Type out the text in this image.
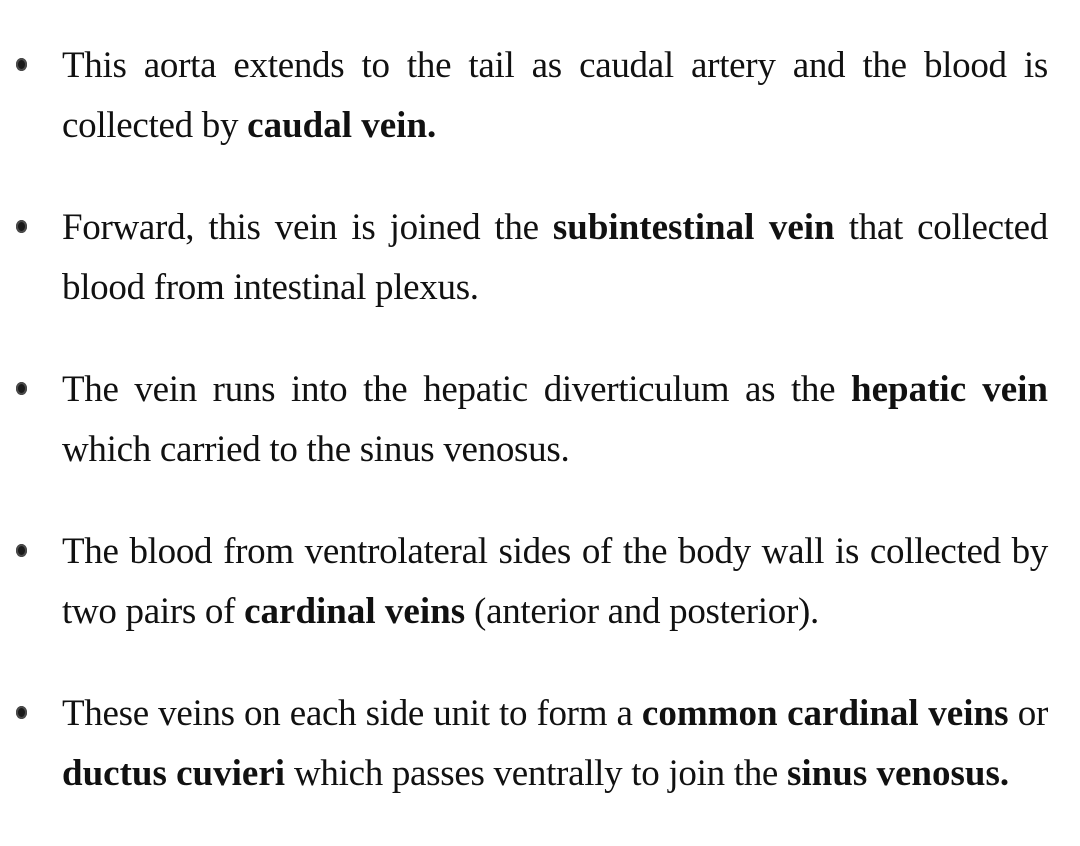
This aorta extends to the tail as caudal artery and the blood is collected by caudal vein.
Forward, this vein is joined the subintestinal vein that collected blood from intestinal plexus.
The vein runs into the hepatic diverticulum as the hepatic vein which carried to the sinus venosus.
The blood from ventrolateral sides of the body wall is collected by two pairs of cardinal veins (anterior and posterior).
These veins on each side unit to form a common cardinal veins or ductus cuvieri which passes ventrally to join the sinus venosus.
